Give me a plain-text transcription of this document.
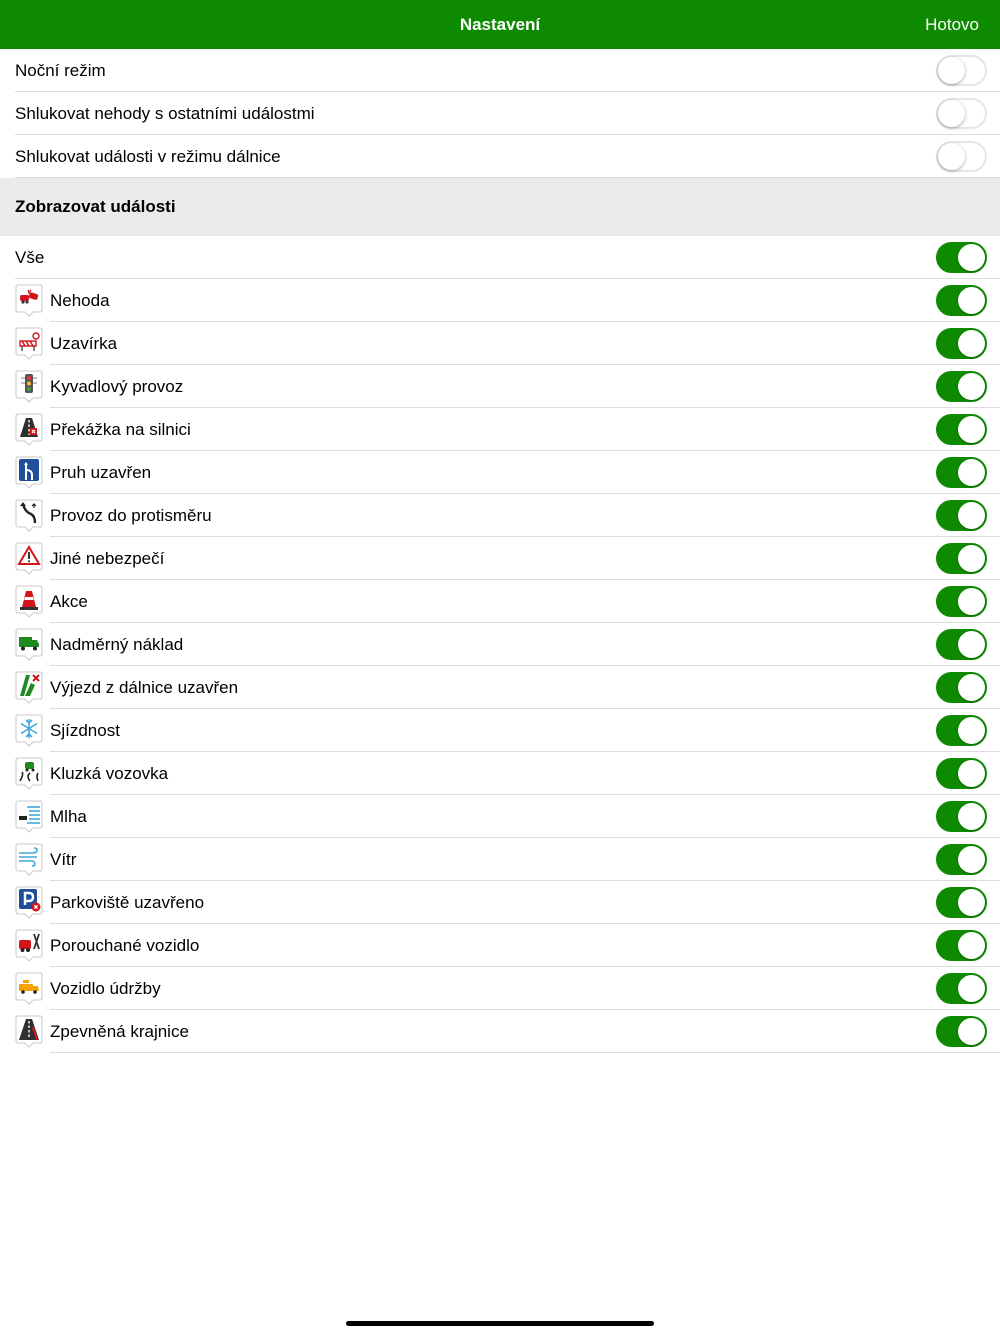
Nastavení	Hotovo
Noční režim
Shlukovat nehody s ostatními událostmi
Shlukovat události v režimu dálnice
Zobrazovat události
Vše
Nehoda
Uzavírka
Kyvadlový provoz
Překážka na silnici
Pruh uzavřen
Provoz do protisměru
Jiné nebezpečí
Akce
Nadměrný náklad
Výjezd z dálnice uzavřen
Sjízdnost
Kluzká vozovka
Mlha
Vítr
Parkoviště uzavřeno
Porouchané vozidlo
Vozidlo údržby
Zpevněná krajnice
